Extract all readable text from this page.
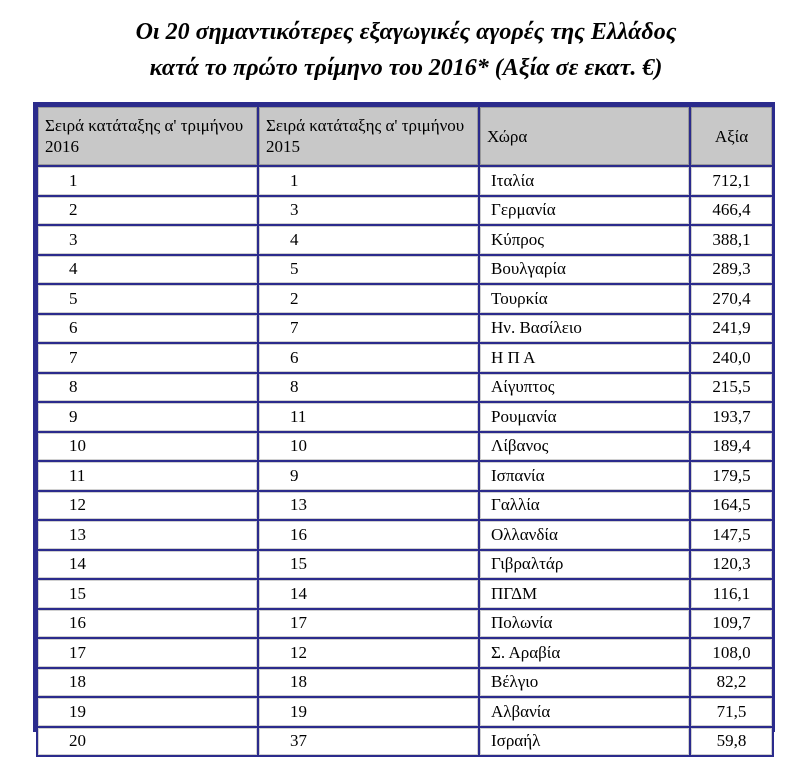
Οι 20 σημαντικότερες εξαγωγικές αγορές της Ελλάδος
κατά το πρώτο τρίμηνο του 2016* (Αξία σε εκατ. €)
Σειρά κατάταξης α' τριμήνου 2016	Σειρά κατάταξης α' τριμήνου 2015	Χώρα	Αξία
1	1	Ιταλία	712,1
2	3	Γερμανία	466,4
3	4	Κύπρος	388,1
4	5	Βουλγαρία	289,3
5	2	Τουρκία	270,4
6	7	Ην. Βασίλειο	241,9
7	6	Η Π Α	240,0
8	8	Αίγυπτος	215,5
9	11	Ρουμανία	193,7
10	10	Λίβανος	189,4
11	9	Ισπανία	179,5
12	13	Γαλλία	164,5
13	16	Ολλανδία	147,5
14	15	Γιβραλτάρ	120,3
15	14	ΠΓΔΜ	116,1
16	17	Πολωνία	109,7
17	12	Σ. Αραβία	108,0
18	18	Βέλγιο	82,2
19	19	Αλβανία	71,5
20	37	Ισραήλ	59,8
